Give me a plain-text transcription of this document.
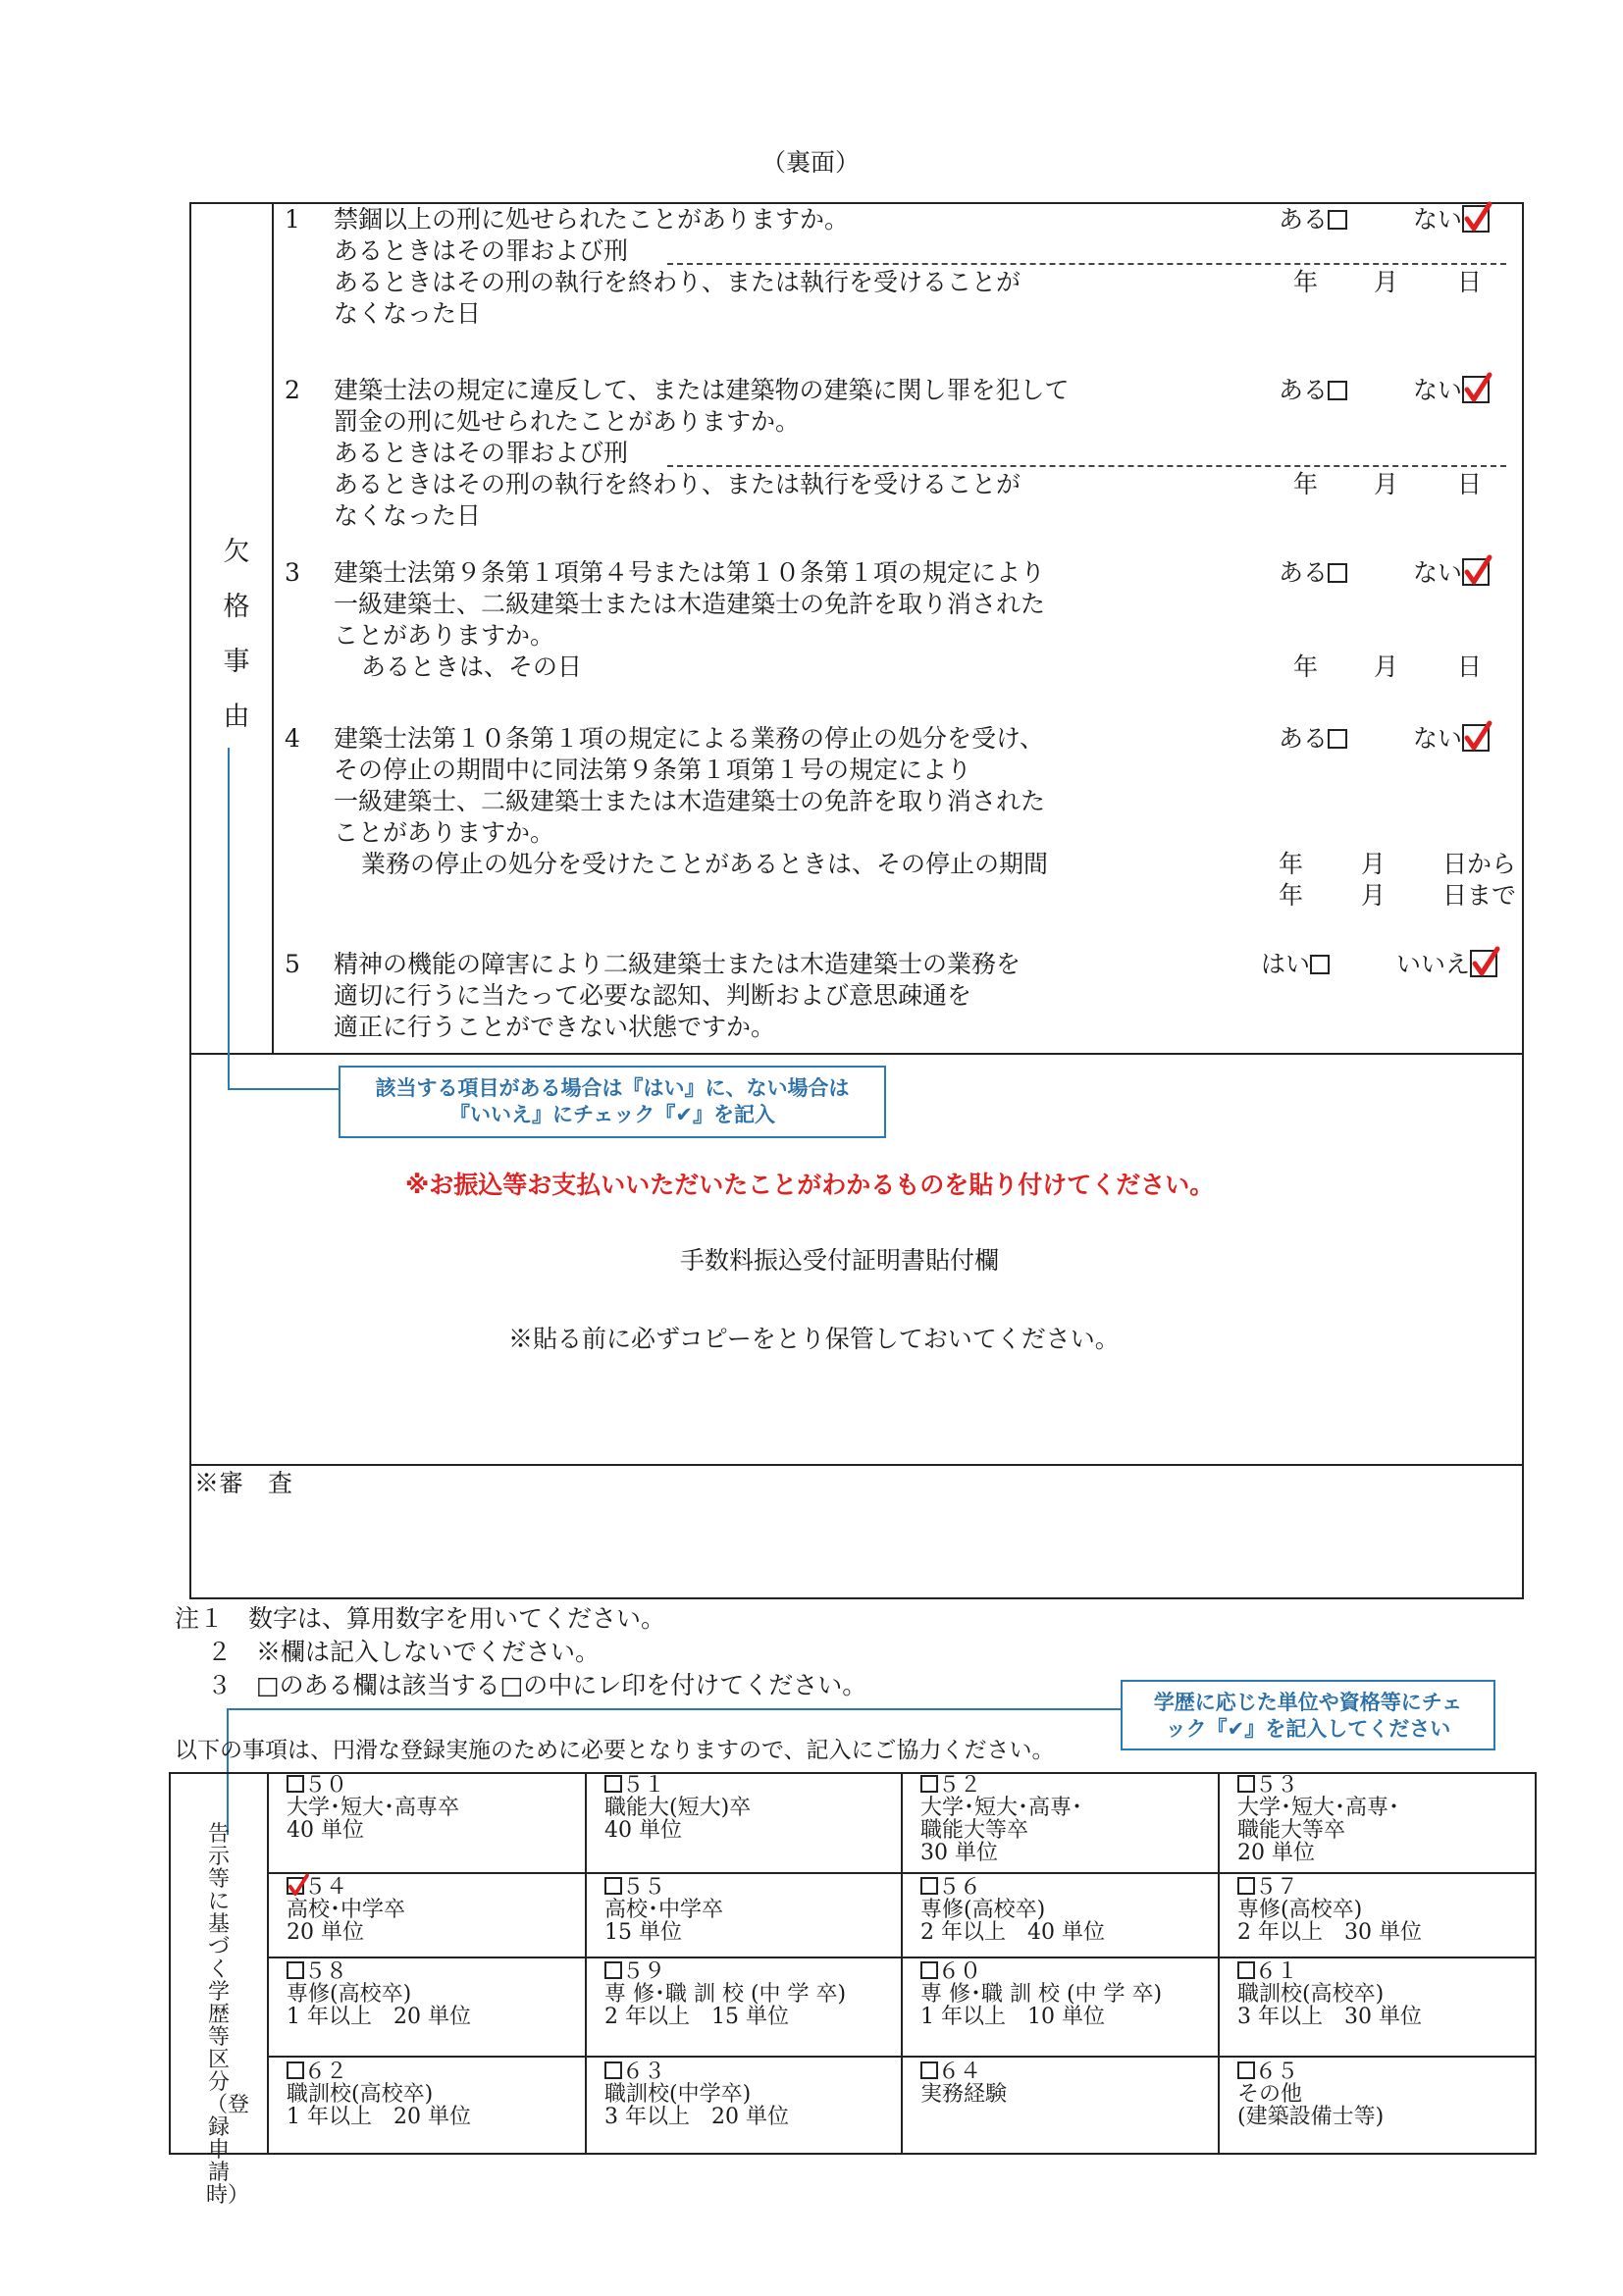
（裏面）
欠
格
事
由
1 禁錮以上の刑に処せられたことがありますか。
あるときはその罪および刑
あるときはその刑の執行を終わり、または執行を受けることが
なくなった日
ある	ない
年 月 日
2 建築士法の規定に違反して、または建築物の建築に関し罪を犯して
罰金の刑に処せられたことがありますか。
あるときはその罪および刑
あるときはその刑の執行を終わり、または執行を受けることが
なくなった日
ある	ない
年 月 日
3 建築士法第９条第１項第４号または第１０条第１項の規定により
一級建築士、二級建築士または木造建築士の免許を取り消された
ことがありますか。
あるときは、その日
ある	ない
年 月 日
4 建築士法第１０条第１項の規定による業務の停止の処分を受け、
その停止の期間中に同法第９条第１項第１号の規定により
一級建築士、二級建築士または木造建築士の免許を取り消された
ことがありますか。
業務の停止の処分を受けたことがあるときは、その停止の期間
ある	ない
年 月 日から
年 月 日まで
5 精神の機能の障害により二級建築士または木造建築士の業務を
適切に行うに当たって必要な認知、判断および意思疎通を
適正に行うことができない状態ですか。
はい	いいえ
該当する項目がある場合は『はい』に、ない場合は
『いいえ』にチェック『✔』を記入
※お振込等お支払いいただいたことがわかるものを貼り付けてください。
手数料振込受付証明書貼付欄
※貼る前に必ずコピーをとり保管しておいてください。
※審　査
注１　数字は、算用数字を用いてください。
２　※欄は記入しないでください。
３　□のある欄は該当する□の中にレ印を付けてください。
学歴に応じた単位や資格等にチェ
ック『✔』を記入してください
以下の事項は、円滑な登録実施のために必要となりますので、記入にご協力ください。
告示等に基づく学歴等区分（登録申請時）
５０
大学･短大･高専卒
40 単位
５１
職能大(短大)卒
40 単位
５２
大学･短大･高専･
職能大等卒
30 単位
５３
大学･短大･高専･
職能大等卒
20 単位
５４
高校･中学卒
20 単位
５５
高校･中学卒
15 単位
５６
専修(高校卒)
2 年以上　40 単位
５７
専修(高校卒)
2 年以上　30 単位
５８
専修(高校卒)
1 年以上　20 単位
５９
専 修･職 訓 校 (中 学 卒)
2 年以上　15 単位
６０
専 修･職 訓 校 (中 学 卒)
1 年以上　10 単位
６１
職訓校(高校卒)
3 年以上　30 単位
６２
職訓校(高校卒)
1 年以上　20 単位
６３
職訓校(中学卒)
3 年以上　20 単位
６４
実務経験
６５
その他
(建築設備士等)
